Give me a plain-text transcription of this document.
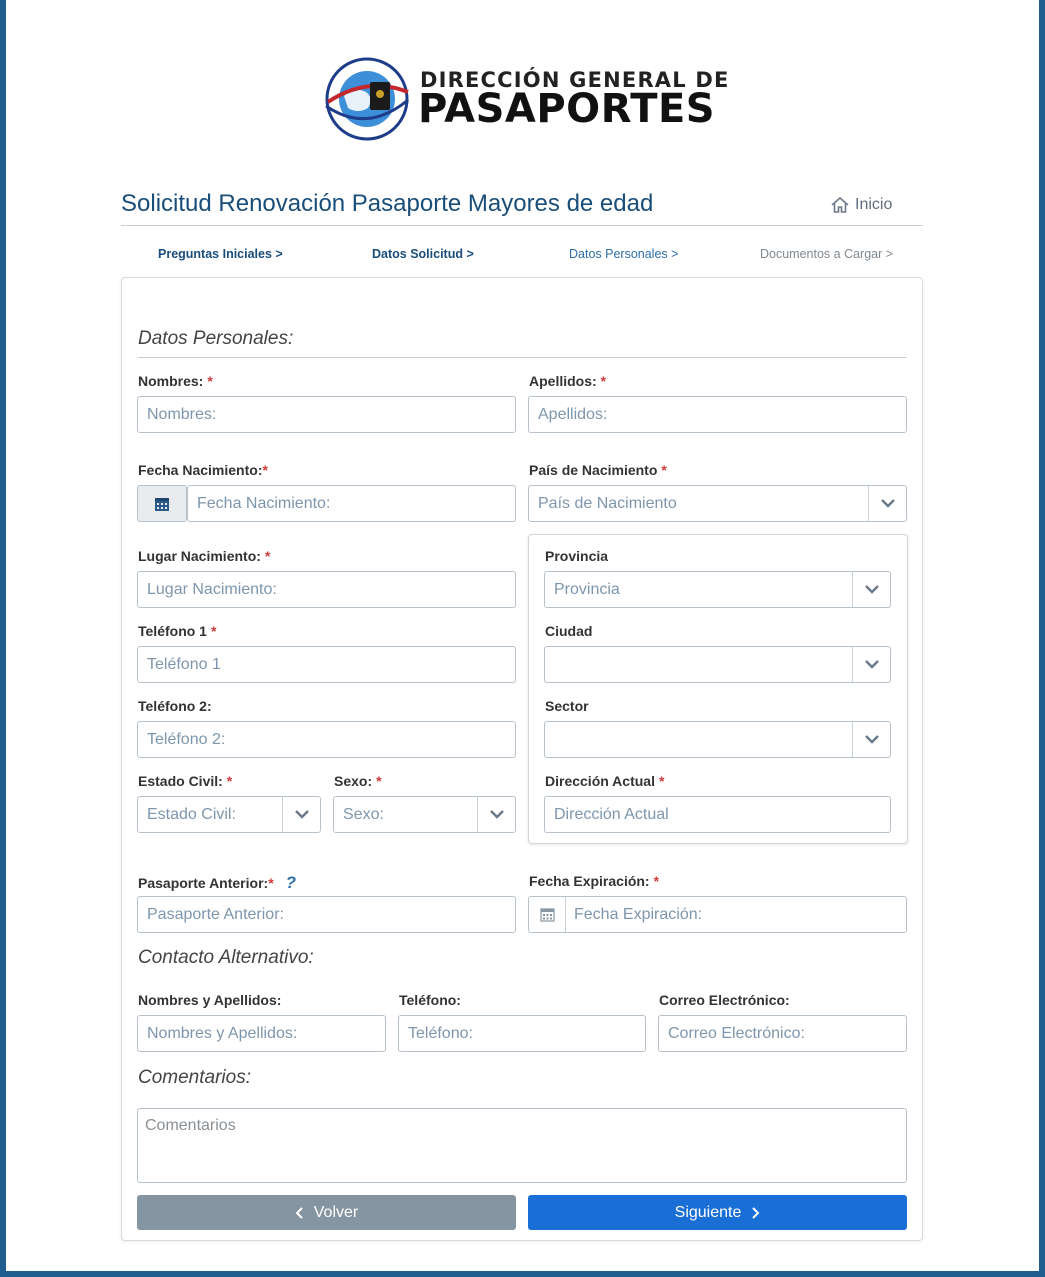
DIRECCIÓN GENERAL DE
PASAPORTES
Solicitud Renovación Pasaporte Mayores de edad	Inicio
Preguntas Iniciales >	Datos Solicitud >	Datos Personales >	Documentos a Cargar >
Datos Personales:
Nombres: *
Nombres:
Apellidos: *
Apellidos:
Fecha Nacimiento:*
Fecha Nacimiento:
País de Nacimiento *
País de Nacimiento
Lugar Nacimiento: *
Lugar Nacimiento:
Teléfono 1 *
Teléfono 1
Teléfono 2:
Teléfono 2:
Estado Civil: *
Estado Civil:
Sexo: *
Sexo:
Provincia
Provincia
Ciudad
Sector
Dirección Actual *
Dirección Actual
Pasaporte Anterior:* ?
Pasaporte Anterior:
Fecha Expiración: *
Fecha Expiración:
Contacto Alternativo:
Nombres y Apellidos:
Nombres y Apellidos:
Teléfono:
Teléfono:
Correo Electrónico:
Correo Electrónico:
Comentarios:
Comentarios
Volver	Siguiente
